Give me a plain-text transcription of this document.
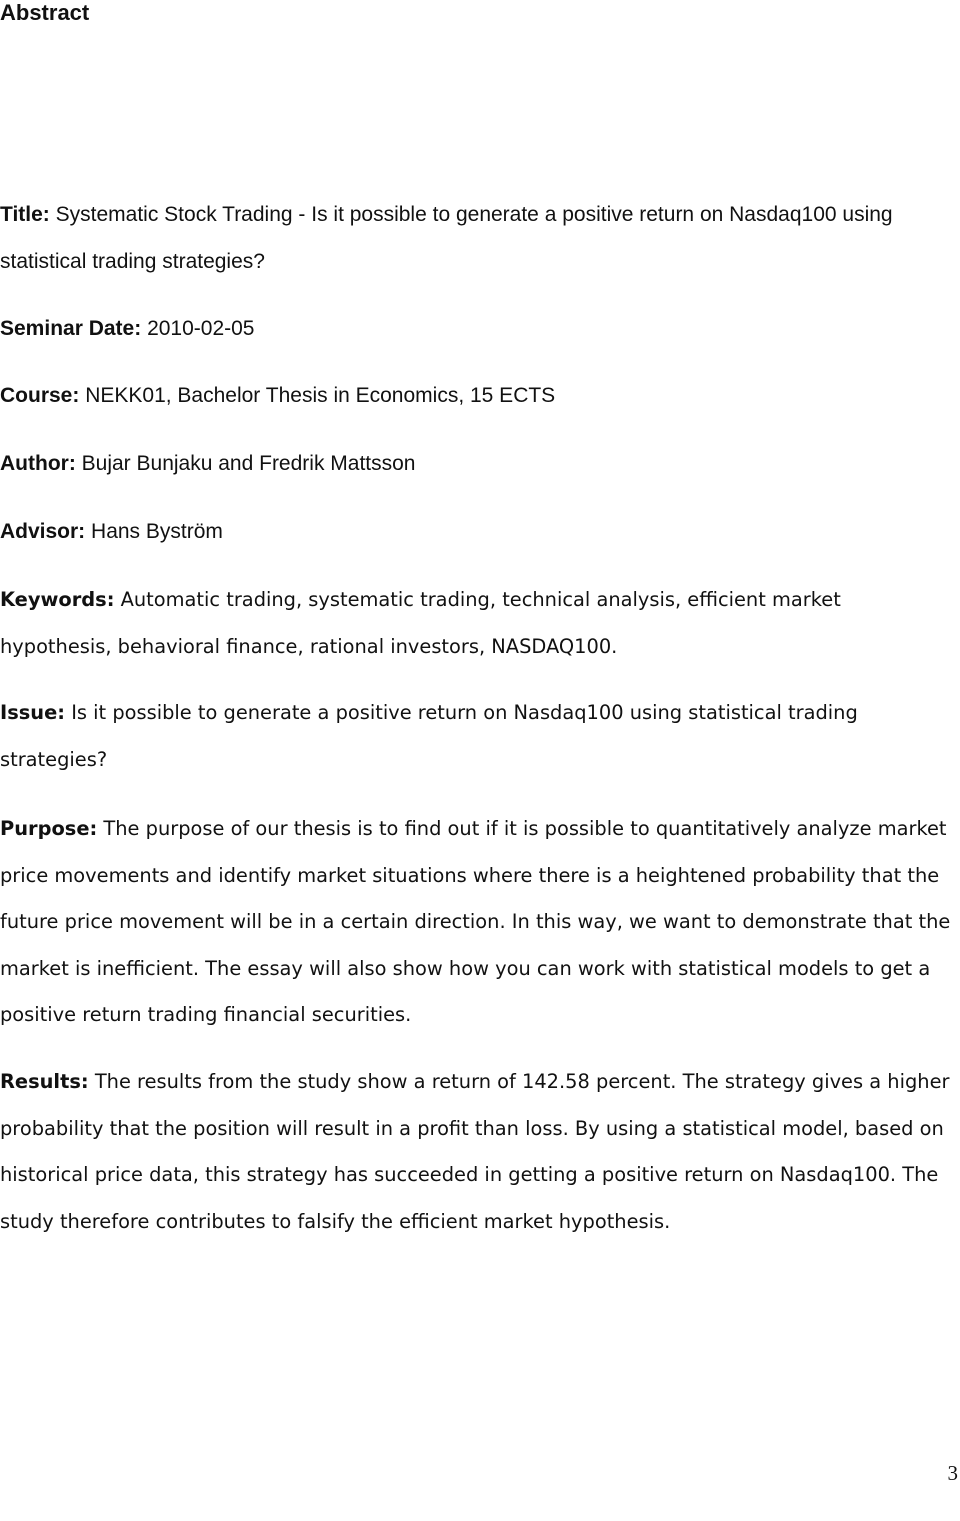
Abstract

Title: Systematic Stock Trading - Is it possible to generate a positive return on Nasdaq100 using statistical trading strategies?

Seminar Date: 2010-02-05

Course: NEKK01, Bachelor Thesis in Economics, 15 ECTS

Author: Bujar Bunjaku and Fredrik Mattsson

Advisor: Hans Byström

Keywords: Automatic trading, systematic trading, technical analysis, efficient market hypothesis, behavioral finance, rational investors, NASDAQ100.

Issue: Is it possible to generate a positive return on Nasdaq100 using statistical trading strategies?

Purpose: The purpose of our thesis is to find out if it is possible to quantitatively analyze market price movements and identify market situations where there is a heightened probability that the future price movement will be in a certain direction. In this way, we want to demonstrate that the market is inefficient. The essay will also show how you can work with statistical models to get a positive return trading financial securities.

Results: The results from the study show a return of 142.58 percent. The strategy gives a higher probability that the position will result in a profit than loss. By using a statistical model, based on historical price data, this strategy has succeeded in getting a positive return on Nasdaq100. The study therefore contributes to falsify the efficient market hypothesis.

3
